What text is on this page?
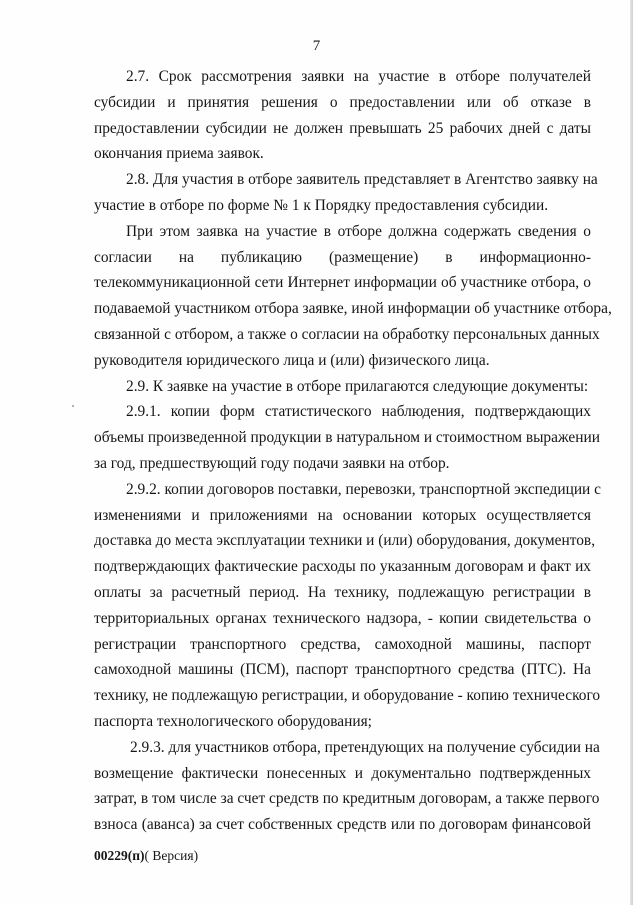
7
2.7. Срок рассмотрения заявки на участие в отборе получателей
субсидии и принятия решения о предоставлении или об отказе в
предоставлении субсидии не должен превышать 25 рабочих дней с даты
окончания приема заявок.
2.8. Для участия в отборе заявитель представляет в Агентство заявку на
участие в отборе по форме № 1 к Порядку предоставления субсидии.
При этом заявка на участие в отборе должна содержать сведения о
согласии на публикацию (размещение) в информационно-
телекоммуникационной сети Интернет информации об участнике отбора, о
подаваемой участником отбора заявке, иной информации об участнике отбора,
связанной с отбором, а также о согласии на обработку персональных данных
руководителя юридического лица и (или) физического лица.
2.9. К заявке на участие в отборе прилагаются следующие документы:
2.9.1. копии форм статистического наблюдения, подтверждающих
объемы произведенной продукции в натуральном и стоимостном выражении
за год, предшествующий году подачи заявки на отбор.
2.9.2. копии договоров поставки, перевозки, транспортной экспедиции с
изменениями и приложениями на основании которых осуществляется
доставка до места эксплуатации техники и (или) оборудования, документов,
подтверждающих фактические расходы по указанным договорам и факт их
оплаты за расчетный период. На технику, подлежащую регистрации в
территориальных органах технического надзора, - копии свидетельства о
регистрации транспортного средства, самоходной машины, паспорт
самоходной машины (ПСМ), паспорт транспортного средства (ПТС). На
технику, не подлежащую регистрации, и оборудование - копию технического
паспорта технологического оборудования;
2.9.3. для участников отбора, претендующих на получение субсидии на
возмещение фактически понесенных и документально подтвержденных
затрат, в том числе за счет средств по кредитным договорам, а также первого
взноса (аванса) за счет собственных средств или по договорам финансовой
00229(п)( Версия)
